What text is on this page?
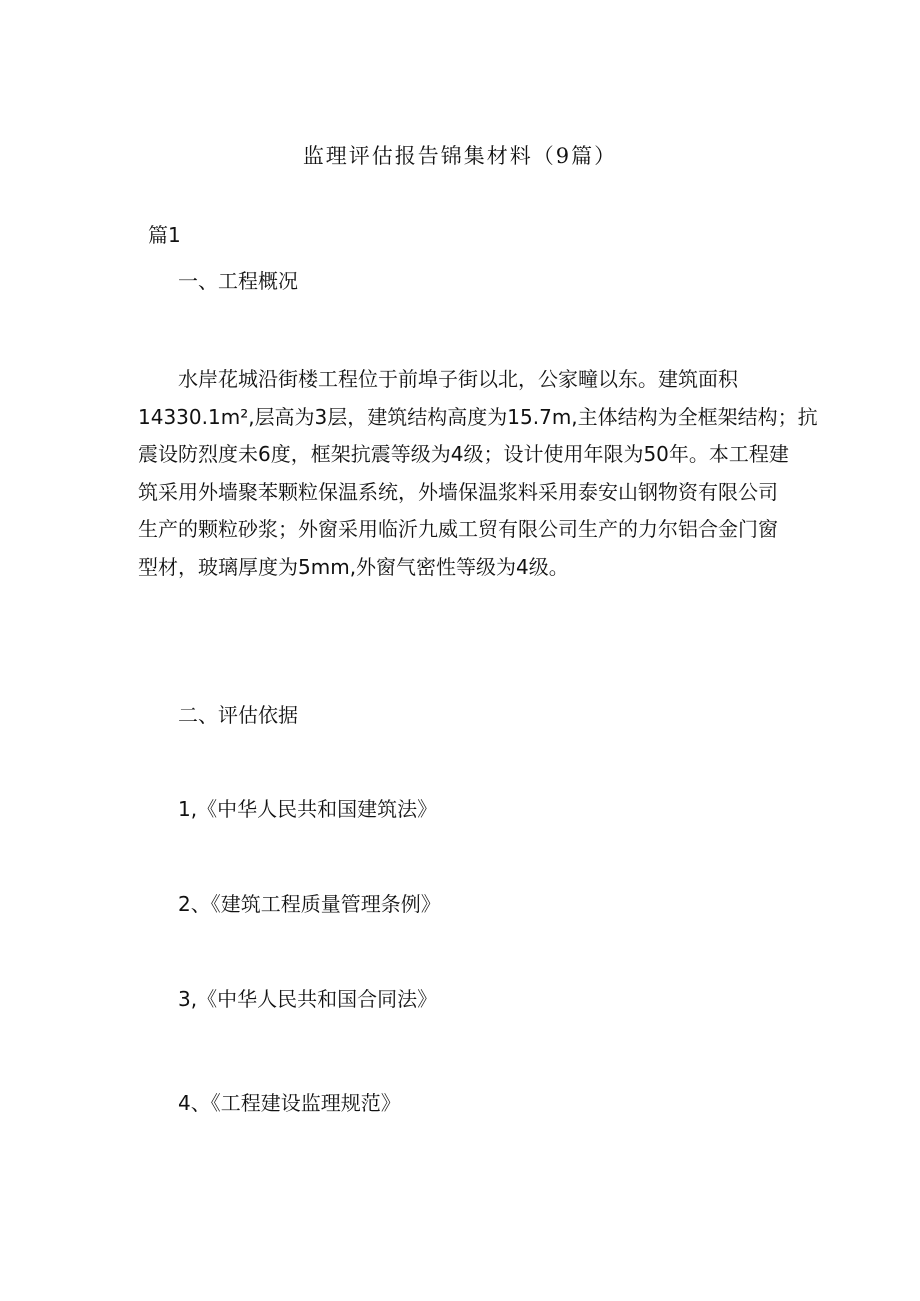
监理评估报告锦集材料（9篇）
篇1
一、工程概况
水岸花城沿街楼工程位于前埠子街以北，公家疃以东。建筑面积
14330.1m²,层高为3层，建筑结构高度为15.7m,主体结构为全框架结构；抗
震设防烈度未6度，框架抗震等级为4级；设计使用年限为50年。本工程建
筑采用外墙聚苯颗粒保温系统，外墙保温浆料采用泰安山钢物资有限公司
生产的颗粒砂浆；外窗采用临沂九威工贸有限公司生产的力尔铝合金门窗
型材，玻璃厚度为5mm,外窗气密性等级为4级。
二、评估依据
1,《中华人民共和国建筑法》
2、《建筑工程质量管理条例》
3,《中华人民共和国合同法》
4、《工程建设监理规范》
